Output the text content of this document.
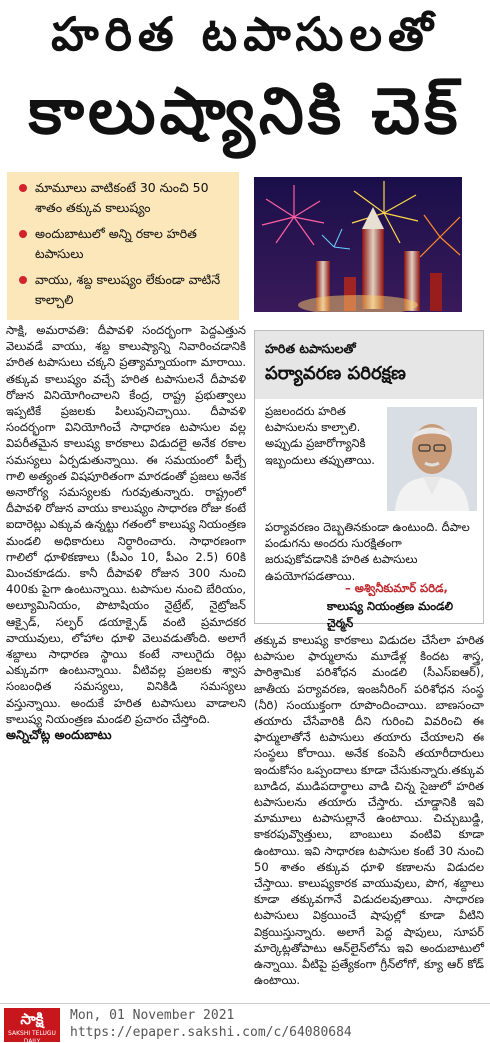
హరిత టపాసులతో
కాలుష్యానికి చెక్
మామూలు వాటికంటే 30 నుంచి 50 శాతం తక్కువ కాలుష్యం
అందుబాటులో అన్ని రకాల హరిత టపాసులు
వాయు, శబ్ద కాలుష్యం లేకుండా వాటినే కాల్చాలి

సాక్షి, అమరావతి: దీపావళి సందర్భంగా పెద్దఎత్తున వెలువడే వాయు, శబ్ద కాలుష్యాన్ని నివారించడానికి హరిత టపాసులు చక్కని ప్రత్యామ్నాయంగా మారాయి. తక్కువ కాలుష్యం వచ్చే హరిత టపాసులనే దీపావళి రోజున వినియోగించాలని కేంద్ర, రాష్ట్ర ప్రభుత్వాలు ఇప్పటికే ప్రజలకు పిలుపునిచ్చాయి. దీపావళి సందర్భంగా వినియోగించే సాధారణ టపాసుల వల్ల విపరీతమైన కాలుష్య కారకాలు విడుదలై అనేక రకాల సమస్యలు ఏర్పడుతున్నాయి. ఈ సమయంలో పీల్చే గాలి అత్యంత విషపూరితంగా మారడంతో ప్రజలు అనేక అనారోగ్య సమస్యలకు గురవుతున్నారు. రాష్ట్రంలో దీపావళి రోజున వాయు కాలుష్యం సాధారణ రోజు కంటే ఐదారెట్లు ఎక్కువ ఉన్నట్టు గతంలో కాలుష్య నియంత్రణ మండలి అధికారులు నిర్ధారించారు. సాధారణంగా గాలిలో ధూళికణాలు (పీఎం 10, పీఎం 2.5) 60కి మించకూడదు. కానీ దీపావళి రోజున 300 నుంచి 400కు పైగా ఉంటున్నాయి. టపాసుల నుంచి బేరియం, అల్యూమినియం, పొటాషియం నైట్రేట్, నైట్రోజన్ ఆక్సైడ్, సల్ఫర్ డయాక్సైడ్ వంటి ప్రమాదకర వాయువులు, లోహాల ధూళి వెలువడుతోంది. అలాగే శబ్దాలు సాధారణ స్థాయి కంటే నాలుగైదు రెట్లు ఎక్కువగా ఉంటున్నాయి. వీటివల్ల ప్రజలకు శ్వాస సంబంధిత సమస్యలు, వినికిడి సమస్యలు వస్తున్నాయి. అందుకే హరిత టపాసులు వాడాలని కాలుష్య నియంత్రణ మండలి ప్రచారం చేస్తోంది.

అన్నిచోట్ల అందుబాటు

హరిత టపాసులతో
పర్యావరణ పరిరక్షణ
ప్రజలందరు హరిత టపాసులను కాల్చాలి. అప్పుడు ప్రజారోగ్యానికి ఇబ్బందులు తప్పుతాయి.
పర్యావరణం దెబ్బతినకుండా ఉంటుంది. దీపాల పండుగను అందరు సురక్షితంగా జరుపుకోవడానికి హరిత టపాసులు ఉపయోగపడతాయి.
– అశ్వినీకుమార్ పరిడ,
కాలుష్య నియంత్రణ మండలి చైర్మన్

తక్కువ కాలుష్య కారకాలు విడుదల చేసేలా హరిత టపాసుల ఫార్ములాను మూడేళ్ల కిందట శాస్త్ర, పారిశ్రామిక పరిశోధన మండలి (సీఎస్‌ఐఆర్), జాతీయ పర్యావరణ, ఇంజనీరింగ్ పరిశోధన సంస్థ (నీరి) సంయుక్తంగా రూపొందించాయి. బాణసంచా తయారు చేసేవారికి దీని గురించి వివరించి ఈ ఫార్ములాతోనే టపాసులు తయారు చేయాలని ఈ సంస్థలు కోరాయి. అనేక కంపెనీ తయారీదారులు ఇందుకోసం ఒప్పందాలు కూడా చేసుకున్నారు.తక్కువ బూడిద, ముడిపదార్థాలు వాడి చిన్న సైజులో హరిత టపాసులను తయారు చేస్తారు. చూడ్డానికి ఇవి మామూలు టపాసుల్లానే ఉంటాయి. చిచ్చుబుడ్డి, కాకరపువ్వొత్తులు, బాంబులు వంటివి కూడా ఉంటాయి. ఇవి సాధారణ టపాసుల కంటే 30 నుంచి 50 శాతం తక్కువ ధూళి కణాలను విడుదల చేస్తాయి. కాలుష్యకారక వాయువులు, పొగ, శబ్దాలు కూడా తక్కువగానే విడుదలవుతాయి. సాధారణ టపాసులు విక్రయించే షాపుల్లో కూడా వీటిని విక్రయిస్తున్నారు. అలాగే పెద్ద షాపులు, సూపర్ మార్కెట్లతోపాటు ఆన్‌లైన్‌లోను ఇవి అందుబాటులో ఉన్నాయి. వీటిపై ప్రత్యేకంగా గ్రీన్‌లోగో, క్యూ ఆర్ కోడ్ ఉంటాయి.

సాక్షి
SAKSHI TELUGU DAILY
Mon, 01 November 2021
https://epaper.sakshi.com/c/64080684
